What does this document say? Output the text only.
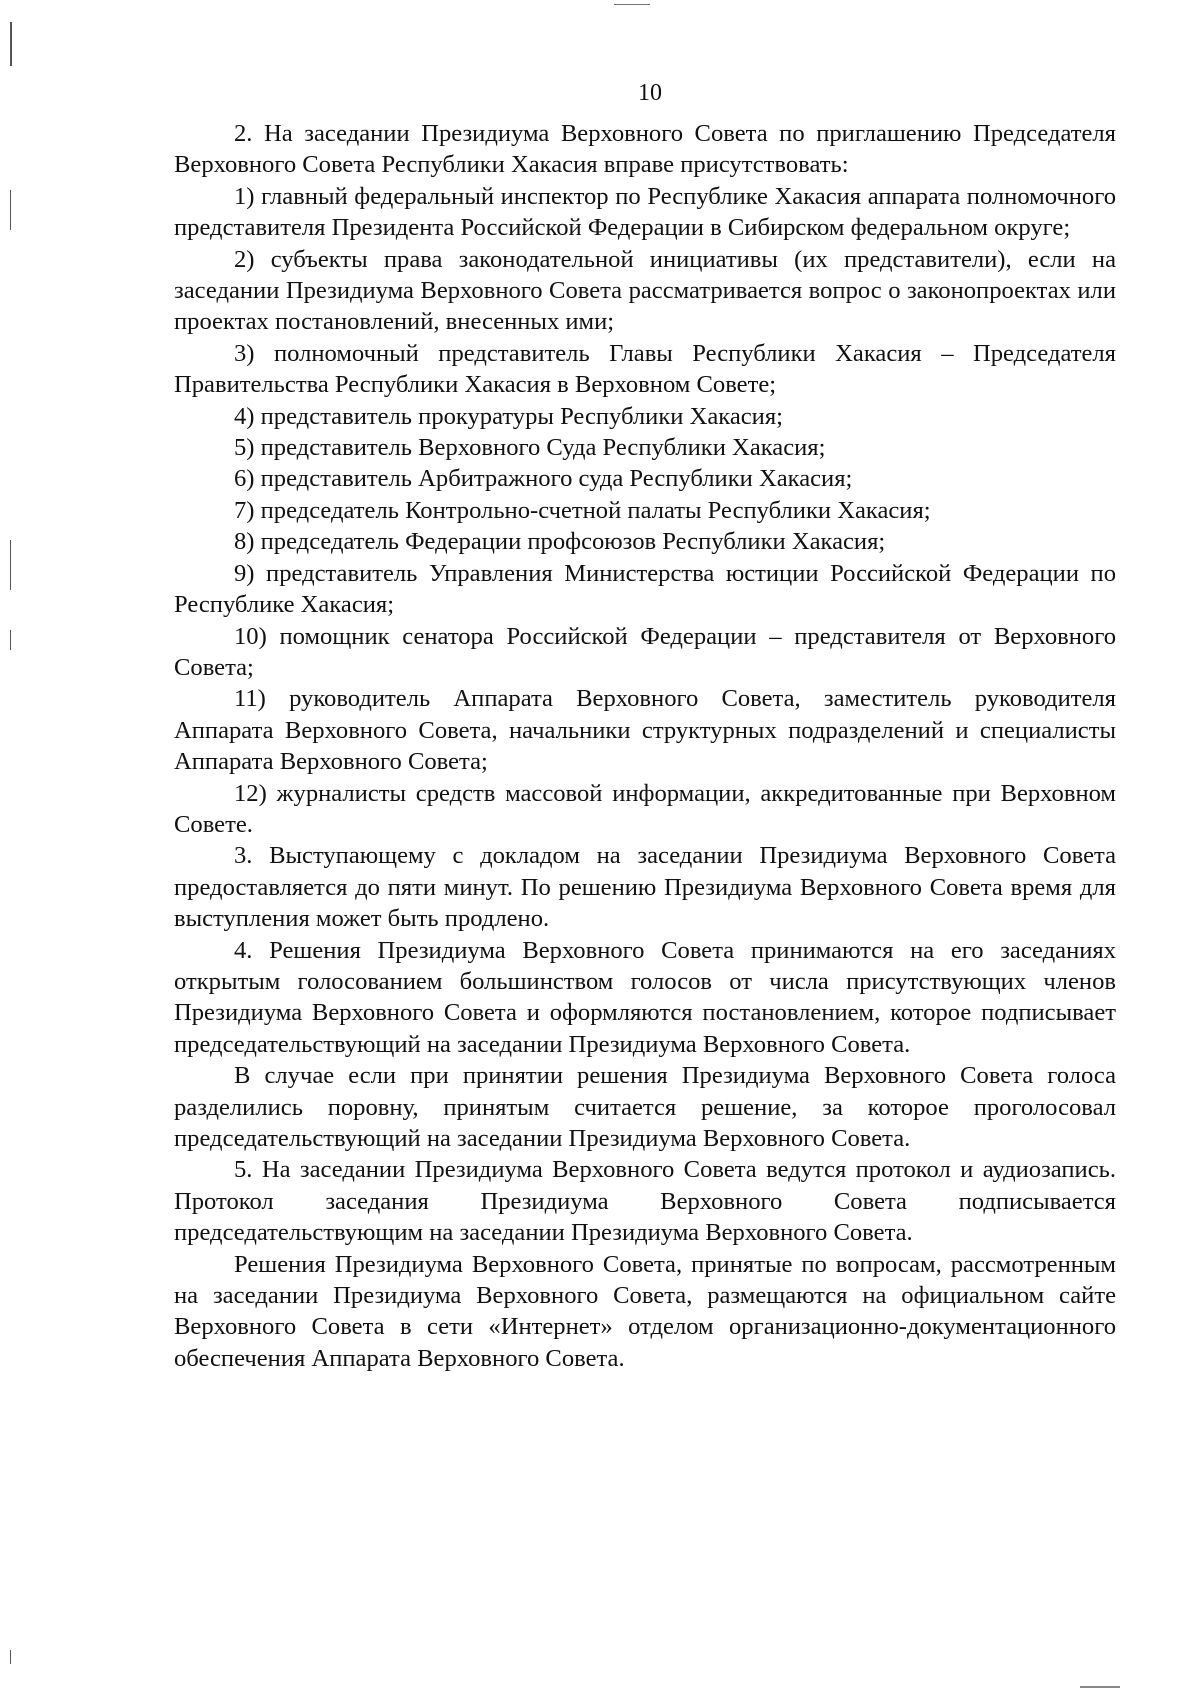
10

2. На заседании Президиума Верховного Совета по приглашению Председателя Верховного Совета Республики Хакасия вправе присутствовать:

1) главный федеральный инспектор по Республике Хакасия аппарата полномочного представителя Президента Российской Федерации в Сибирском федеральном округе;

2) субъекты права законодательной инициативы (их представители), если на заседании Президиума Верховного Совета рассматривается вопрос о законопроектах или проектах постановлений, внесенных ими;

3) полномочный представитель Главы Республики Хакасия – Председателя Правительства Республики Хакасия в Верховном Совете;

4) представитель прокуратуры Республики Хакасия;

5) представитель Верховного Суда Республики Хакасия;

6) представитель Арбитражного суда Республики Хакасия;

7) председатель Контрольно-счетной палаты Республики Хакасия;

8) председатель Федерации профсоюзов Республики Хакасия;

9) представитель Управления Министерства юстиции Российской Федерации по Республике Хакасия;

10) помощник сенатора Российской Федерации – представителя от Верховного Совета;

11) руководитель Аппарата Верховного Совета, заместитель руководителя Аппарата Верховного Совета, начальники структурных подразделений и специалисты Аппарата Верховного Совета;

12) журналисты средств массовой информации, аккредитованные при Верховном Совете.

3. Выступающему с докладом на заседании Президиума Верховного Совета предоставляется до пяти минут. По решению Президиума Верховного Совета время для выступления может быть продлено.

4. Решения Президиума Верховного Совета принимаются на его заседаниях открытым голосованием большинством голосов от числа присутствующих членов Президиума Верховного Совета и оформляются постановлением, которое подписывает председательствующий на заседании Президиума Верховного Совета.

В случае если при принятии решения Президиума Верховного Совета голоса разделились поровну, принятым считается решение, за которое проголосовал председательствующий на заседании Президиума Верховного Совета.

5. На заседании Президиума Верховного Совета ведутся протокол и аудиозапись. Протокол заседания Президиума Верховного Совета подписывается председательствующим на заседании Президиума Верховного Совета.

Решения Президиума Верховного Совета, принятые по вопросам, рассмотренным на заседании Президиума Верховного Совета, размещаются на официальном сайте Верховного Совета в сети «Интернет» отделом организационно-документационного обеспечения Аппарата Верховного Совета.
